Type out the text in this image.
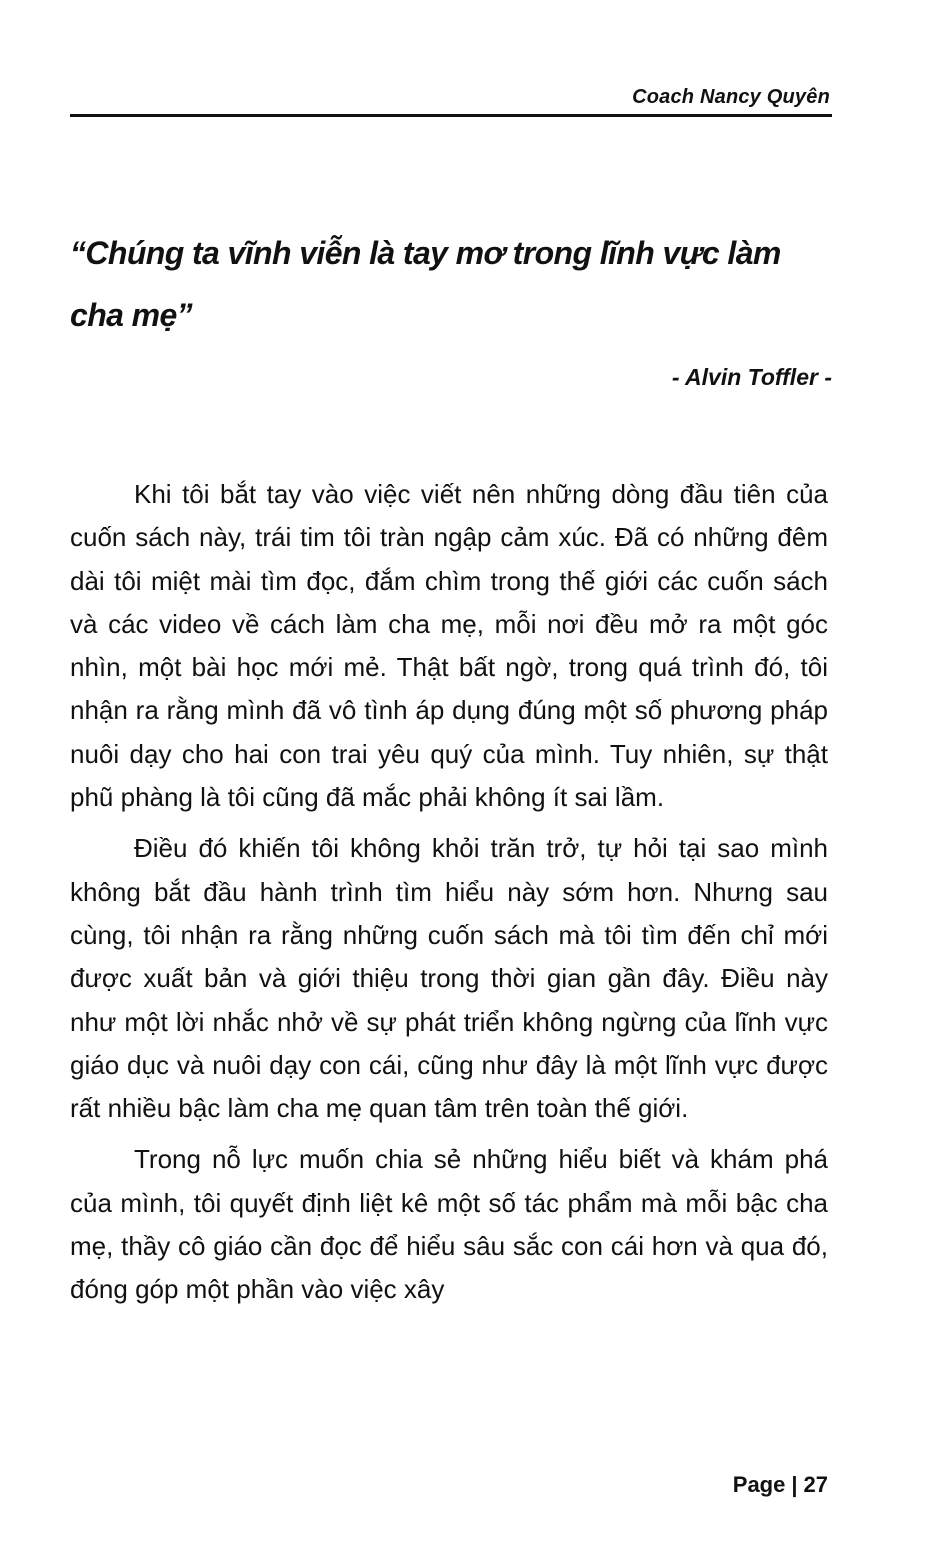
Coach Nancy Quyên
“Chúng ta vĩnh viễn là tay mơ trong lĩnh vực làm cha mẹ”
- Alvin Toffler -

Khi tôi bắt tay vào việc viết nên những dòng đầu tiên của cuốn sách này, trái tim tôi tràn ngập cảm xúc. Đã có những đêm dài tôi miệt mài tìm đọc, đắm chìm trong thế giới các cuốn sách và các video về cách làm cha mẹ, mỗi nơi đều mở ra một góc nhìn, một bài học mới mẻ. Thật bất ngờ, trong quá trình đó, tôi nhận ra rằng mình đã vô tình áp dụng đúng một số phương pháp nuôi dạy cho hai con trai yêu quý của mình. Tuy nhiên, sự thật phũ phàng là tôi cũng đã mắc phải không ít sai lầm.

Điều đó khiến tôi không khỏi trăn trở, tự hỏi tại sao mình không bắt đầu hành trình tìm hiểu này sớm hơn. Nhưng sau cùng, tôi nhận ra rằng những cuốn sách mà tôi tìm đến chỉ mới được xuất bản và giới thiệu trong thời gian gần đây. Điều này như một lời nhắc nhở về sự phát triển không ngừng của lĩnh vực giáo dục và nuôi dạy con cái, cũng như đây là một lĩnh vực được rất nhiều bậc làm cha mẹ quan tâm trên toàn thế giới.

Trong nỗ lực muốn chia sẻ những hiểu biết và khám phá của mình, tôi quyết định liệt kê một số tác phẩm mà mỗi bậc cha mẹ, thầy cô giáo cần đọc để hiểu sâu sắc con cái hơn và qua đó, đóng góp một phần vào việc xây

Page | 27
